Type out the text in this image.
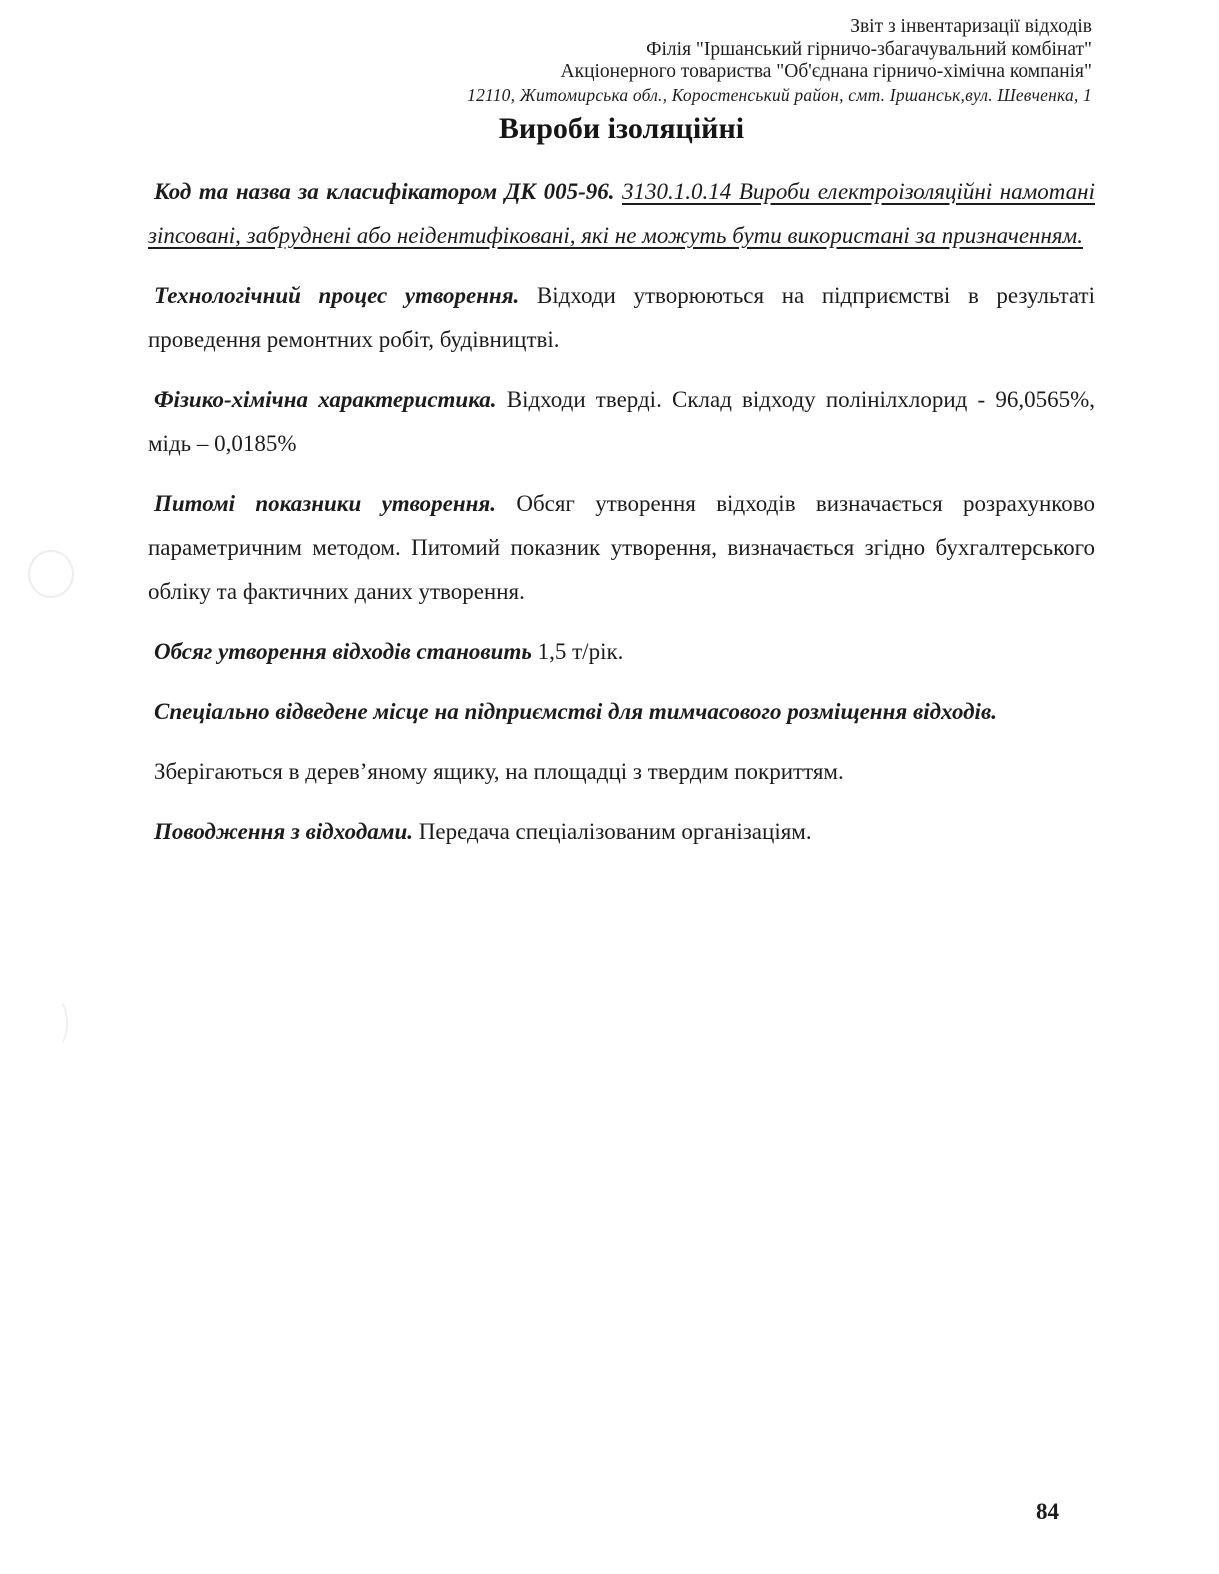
Звіт з інвентаризації відходів
Філія "Іршанський гірничо-збагачувальний комбінат"
Акціонерного товариства "Об'єднана гірничо-хімічна компанія"
12110, Житомирська обл., Коростенський район, смт. Іршанськ,вул. Шевченка, 1
Вироби ізоляційні

Код та назва за класифікатором ДК 005-96. 3130.1.0.14 Вироби електроізоляційні намотані зіпсовані, забруднені або неідентифіковані, які не можуть бути використані за призначенням.

Технологічний процес утворення. Відходи утворюються на підприємстві в результаті проведення ремонтних робіт, будівництві.

Фізико-хімічна характеристика. Відходи тверді. Склад відходу полінілхлорид - 96,0565%, мідь – 0,0185%

Питомі показники утворення. Обсяг утворення відходів визначається розрахунково параметричним методом. Питомий показник утворення, визначається згідно бухгалтерського обліку та фактичних даних утворення.

Обсяг утворення відходів становить 1,5 т/рік.

Спеціально відведене місце на підприємстві для тимчасового розміщення відходів.

Зберігаються в дерев’яному ящику, на площадці з твердим покриттям.

Поводження з відходами. Передача спеціалізованим організаціям.

84
